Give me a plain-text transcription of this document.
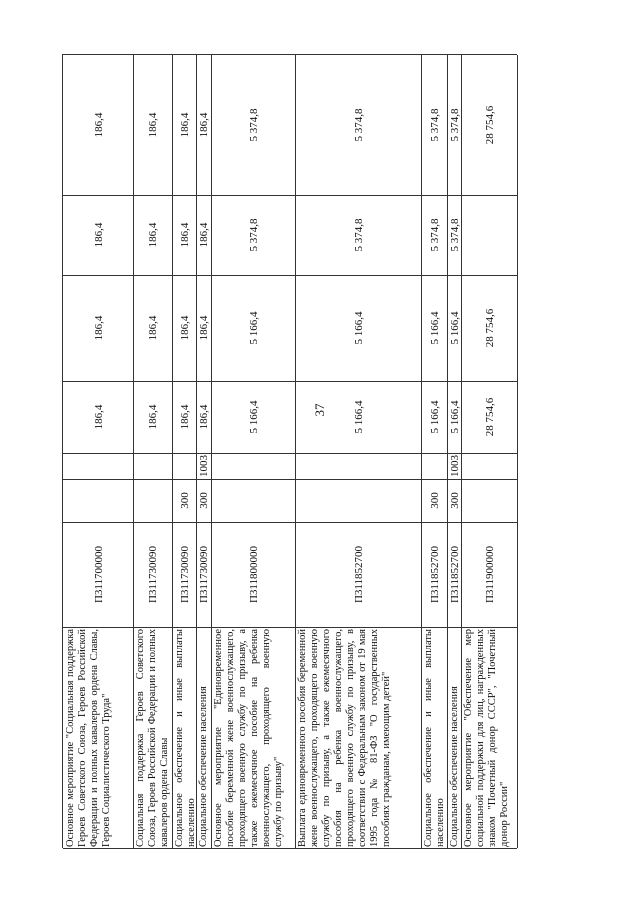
37
Основное мероприятие "Социальная поддержка Героев Советского Союза, Героев Российской Федерации и полных кавалеров ордена Славы, Героев Социалистического Труда"
П311700000
186,4
186,4
186,4
186,4
Социальная поддержка Героев Советского Союза, Героев Российской Федерации и полных кавалеров ордена Славы
П311730090
186,4
186,4
186,4
186,4
Социальное обеспечение и иные выплаты населению
П311730090
300
186,4
186,4
186,4
186,4
Социальное обеспечение населения
П311730090
300
1003
186,4
186,4
186,4
186,4
Основное мероприятие "Единовременное пособие беременной жене военнослужащего, проходящего военную службу по призыву, а также ежемесячное пособие на ребенка военнослужащего, проходящего военную службу по призыву"
П311800000
5 166,4
5 166,4
5 374,8
5 374,8
Выплата единовременного пособия беременной жене военнослужащего, проходящего военную службу по призыву, а также ежемесячного пособия на ребенка военнослужащего, проходящего военную службу по призыву, в соответствии с Федеральным законом от 19 мая 1995 года № 81-ФЗ "О государственных пособиях гражданам, имеющим детей"
П311852700
5 166,4
5 166,4
5 374,8
5 374,8
Социальное обеспечение и иные выплаты населению
П311852700
300
5 166,4
5 166,4
5 374,8
5 374,8
Социальное обеспечение населения
П311852700
300
1003
5 166,4
5 166,4
5 374,8
5 374,8
Основное мероприятие "Обеспечение мер социальной поддержки для лиц, награжденных знаком "Почетный донор СССР", "Почетный донор России"
П311900000
28 754,6
28 754,6
28 754,6
